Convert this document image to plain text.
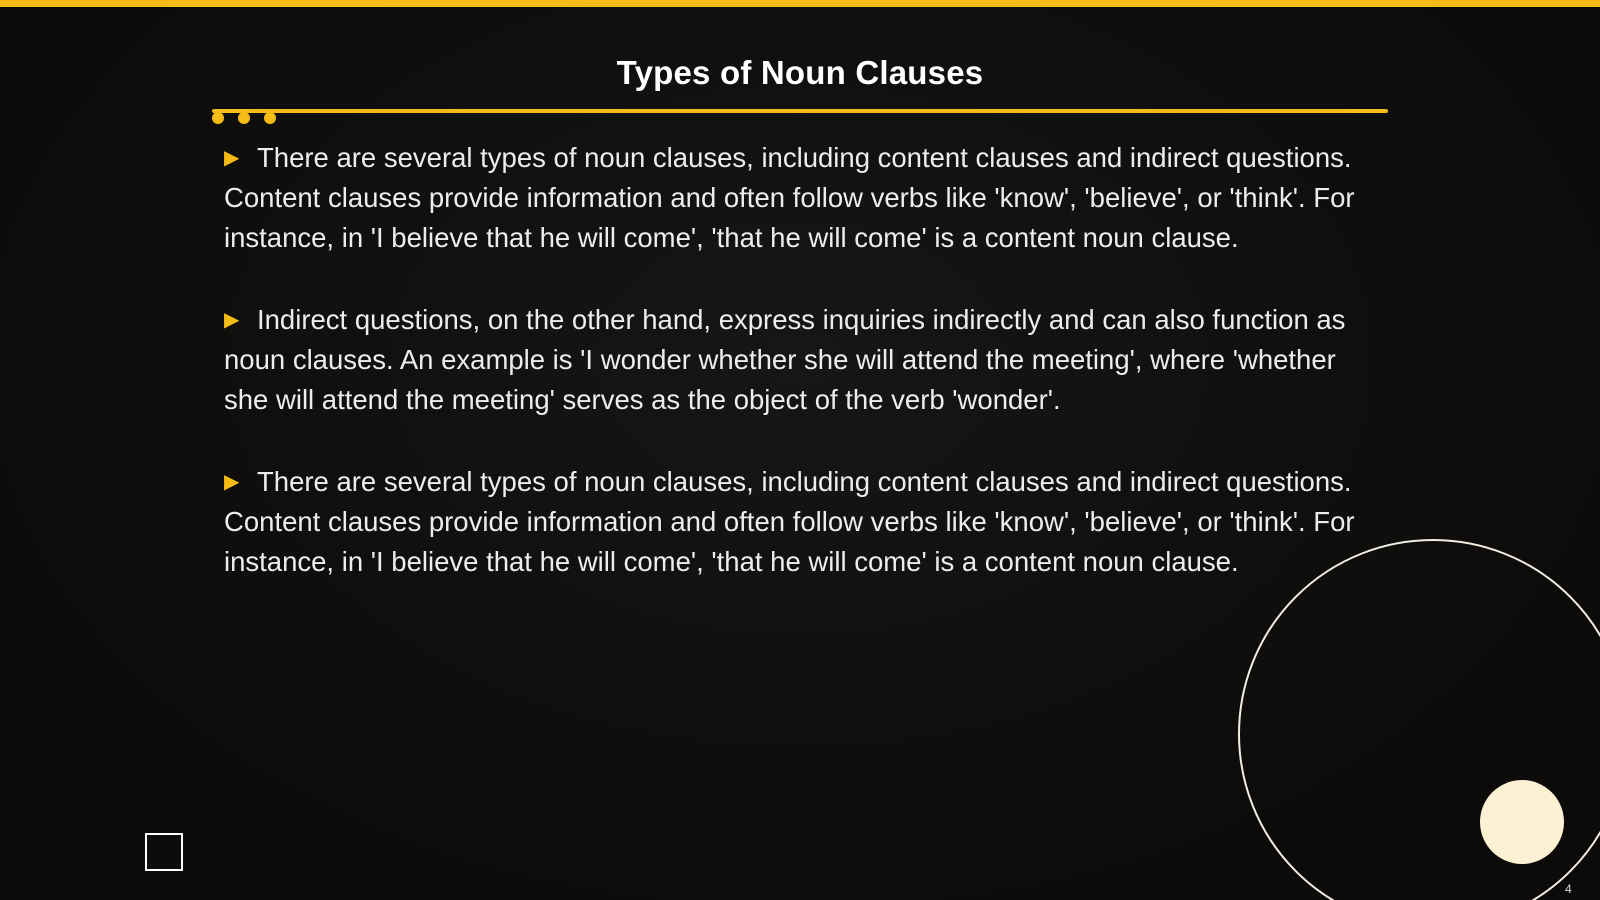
Types of Noun Clauses

▶ There are several types of noun clauses, including content clauses and indirect questions. Content clauses provide information and often follow verbs like 'know', 'believe', or 'think'. For instance, in 'I believe that he will come', 'that he will come' is a content noun clause.

▶ Indirect questions, on the other hand, express inquiries indirectly and can also function as noun clauses. An example is 'I wonder whether she will attend the meeting', where 'whether she will attend the meeting' serves as the object of the verb 'wonder'.

▶ There are several types of noun clauses, including content clauses and indirect questions. Content clauses provide information and often follow verbs like 'know', 'believe', or 'think'. For instance, in 'I believe that he will come', 'that he will come' is a content noun clause.

4
